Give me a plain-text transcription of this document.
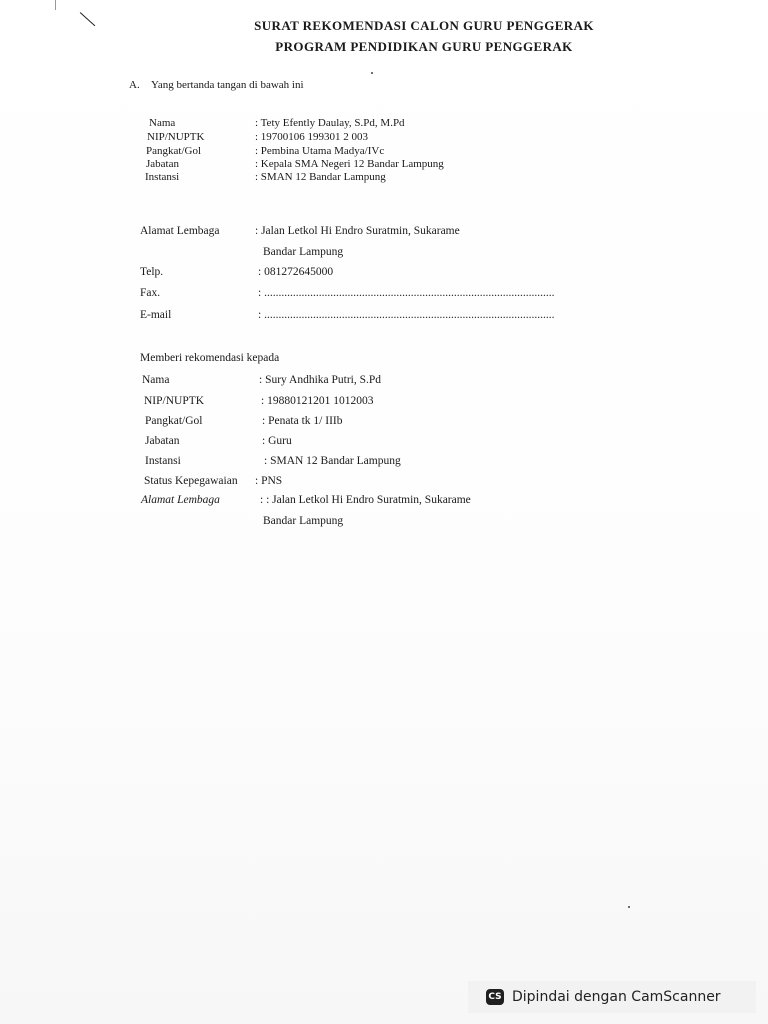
SURAT REKOMENDASI CALON GURU PENGGERAK
PROGRAM PENDIDIKAN GURU PENGGERAK
A. Yang bertanda tangan di bawah ini
Nama	: Tety Efently Daulay, S.Pd, M.Pd
NIP/NUPTK	: 19700106 199301 2 003
Pangkat/Gol	: Pembina Utama Madya/IVc
Jabatan	: Kepala SMA Negeri 12 Bandar Lampung
Instansi	: SMAN 12 Bandar Lampung
Alamat Lembaga	: Jalan Letkol Hi Endro Suratmin, Sukarame
Bandar Lampung
Telp.	: 081272645000
Fax.	: .....................................................................................................
E-mail	: .....................................................................................................
Memberi rekomendasi kepada
Nama	: Sury Andhika Putri, S.Pd
NIP/NUPTK	: 19880121201 1012003
Pangkat/Gol	: Penata tk 1/ IIIb
Jabatan	: Guru
Instansi	: SMAN 12 Bandar Lampung
Status Kepegawaian : PNS
Alamat Lembaga	: : Jalan Letkol Hi Endro Suratmin, Sukarame
Bandar Lampung
CS Dipindai dengan CamScanner
